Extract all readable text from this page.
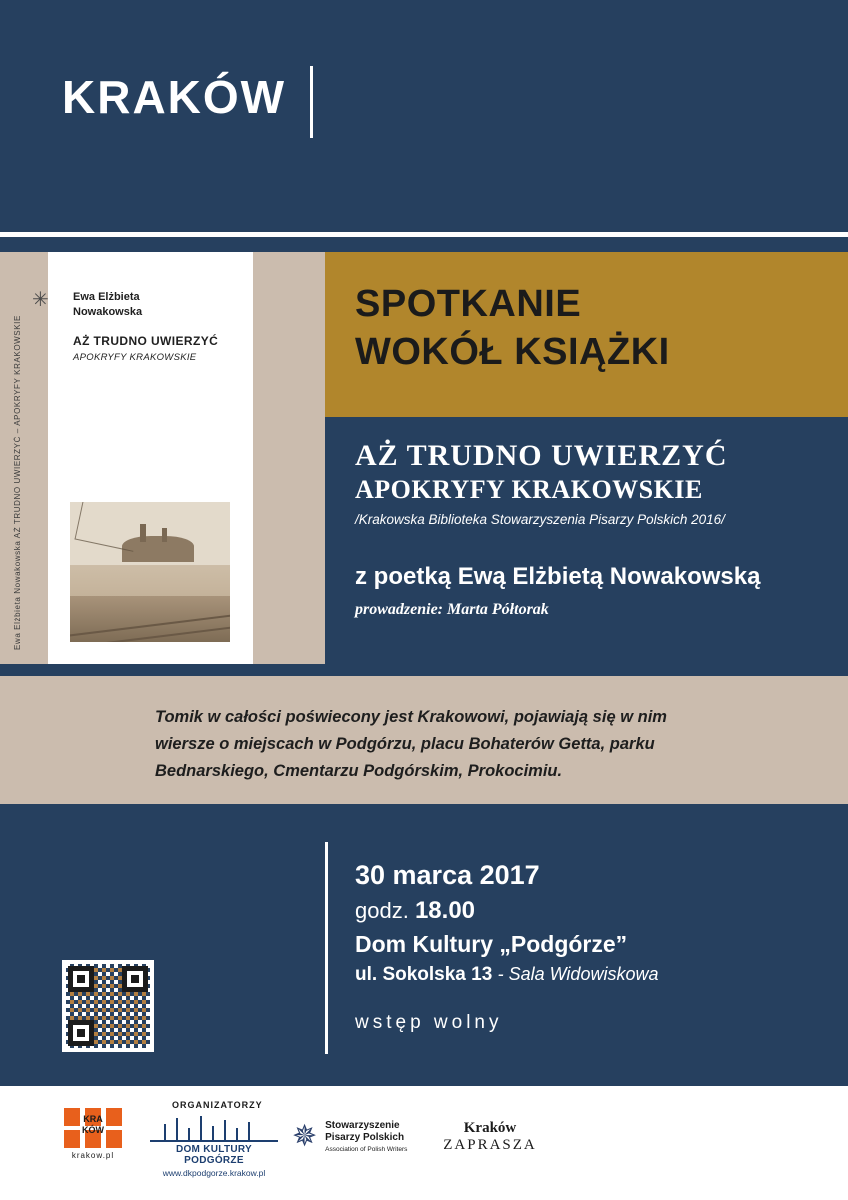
KRAKÓW
Ewa Elżbieta Nowakowska AŻ TRUDNO UWIERZYĆ – APOKRYFY KRAKOWSKIE
✳ Ewa Elżbieta
Nowakowska
AŻ TRUDNO UWIERZYĆ
APOKRYFY KRAKOWSKIE
SPOTKANIE
WOKÓŁ KSIĄŻKI
AŻ TRUDNO UWIERZYĆ
APOKRYFY KRAKOWSKIE
/Krakowska Biblioteka Stowarzyszenia Pisarzy Polskich 2016/
z poetką Ewą Elżbietą Nowakowską
prowadzenie: Marta Półtorak

Tomik w całości poświecony jest Krakowowi, pojawiają się w nim wiersze o miejscach w Podgórzu, placu Bohaterów Getta, parku Bednarskiego, Cmentarzu Podgórskim, Prokocimiu.

30 marca 2017
godz. 18.00
Dom Kultury „Podgórze”
ul. Sokolska 13 - Sala Widowiskowa
wstęp wolny
ORGANIZATORZY
KRA
KÓW
krakow.pl
DOM KULTURY PODGÓRZE
www.dkpodgorze.krakow.pl
✵ Stowarzyszenie
Pisarzy Polskich
Association of Polish Writers
Kraków
ZAPRASZA
